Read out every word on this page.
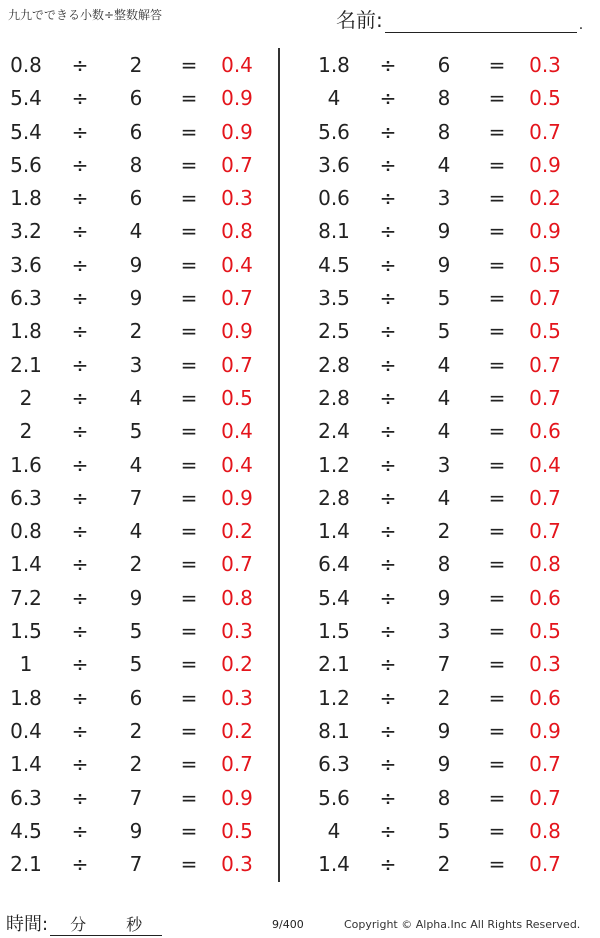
九九でできる小数÷整数解答	名前:	.
0.8	÷	2	=	0.4
5.4	÷	6	=	0.9
5.4	÷	6	=	0.9
5.6	÷	8	=	0.7
1.8	÷	6	=	0.3
3.2	÷	4	=	0.8
3.6	÷	9	=	0.4
6.3	÷	9	=	0.7
1.8	÷	2	=	0.9
2.1	÷	3	=	0.7
2	÷	4	=	0.5
2	÷	5	=	0.4
1.6	÷	4	=	0.4
6.3	÷	7	=	0.9
0.8	÷	4	=	0.2
1.4	÷	2	=	0.7
7.2	÷	9	=	0.8
1.5	÷	5	=	0.3
1	÷	5	=	0.2
1.8	÷	6	=	0.3
0.4	÷	2	=	0.2
1.4	÷	2	=	0.7
6.3	÷	7	=	0.9
4.5	÷	9	=	0.5
2.1	÷	7	=	0.3
1.8	÷	6	=	0.3
4	÷	8	=	0.5
5.6	÷	8	=	0.7
3.6	÷	4	=	0.9
0.6	÷	3	=	0.2
8.1	÷	9	=	0.9
4.5	÷	9	=	0.5
3.5	÷	5	=	0.7
2.5	÷	5	=	0.5
2.8	÷	4	=	0.7
2.8	÷	4	=	0.7
2.4	÷	4	=	0.6
1.2	÷	3	=	0.4
2.8	÷	4	=	0.7
1.4	÷	2	=	0.7
6.4	÷	8	=	0.8
5.4	÷	9	=	0.6
1.5	÷	3	=	0.5
2.1	÷	7	=	0.3
1.2	÷	2	=	0.6
8.1	÷	9	=	0.9
6.3	÷	9	=	0.7
5.6	÷	8	=	0.7
4	÷	5	=	0.8
1.4	÷	2	=	0.7
時間: 分 秒	9/400	Copyright © Alpha.Inc All Rights Reserved.
